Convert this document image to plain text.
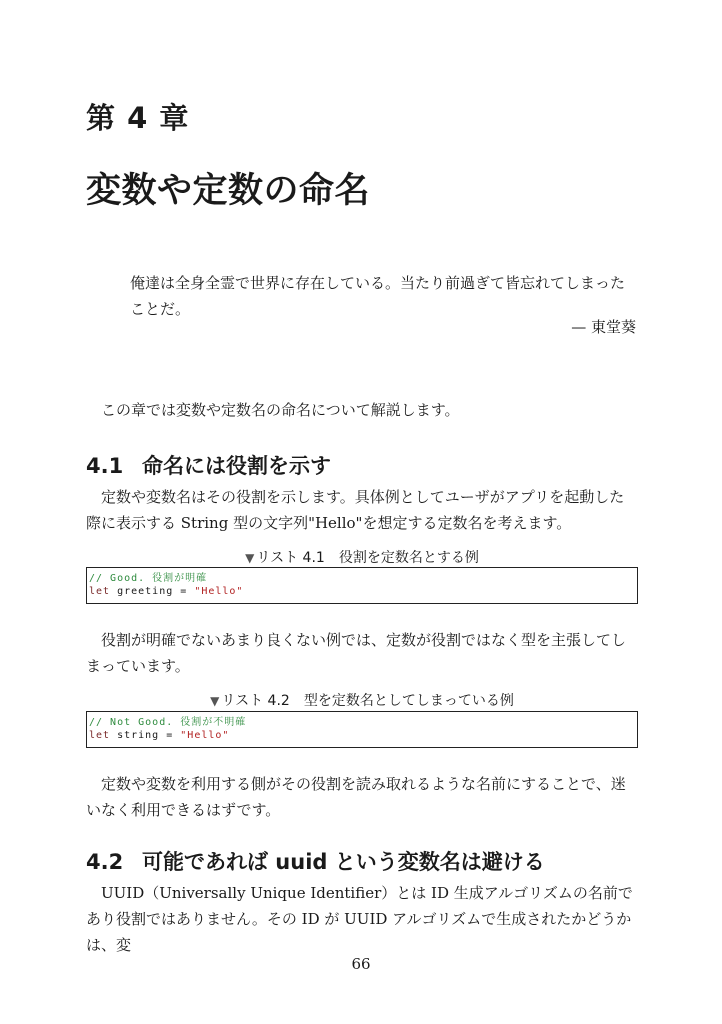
第 4 章
変数や定数の命名
俺達は全身全霊で世界に存在している。当たり前過ぎて皆忘れてしまったことだ。
— 東堂葵
この章では変数や定数名の命名について解説します。
4.1 命名には役割を示す
定数や変数名はその役割を示します。具体例としてユーザがアプリを起動した際に表示する String 型の文字列"Hello"を想定する定数名を考えます。
▼ リスト 4.1　役割を定数名とする例
// Good. 役割が明確
let greeting = "Hello"
役割が明確でないあまり良くない例では、定数が役割ではなく型を主張してしまっています。
▼ リスト 4.2　型を定数名としてしまっている例
// Not Good. 役割が不明確
let string = "Hello"
定数や変数を利用する側がその役割を読み取れるような名前にすることで、迷いなく利用できるはずです。
4.2 可能であれば uuid という変数名は避ける
UUID（Universally Unique Identifier）とは ID 生成アルゴリズムの名前であり役割ではありません。その ID が UUID アルゴリズムで生成されたかどうかは、変
66
